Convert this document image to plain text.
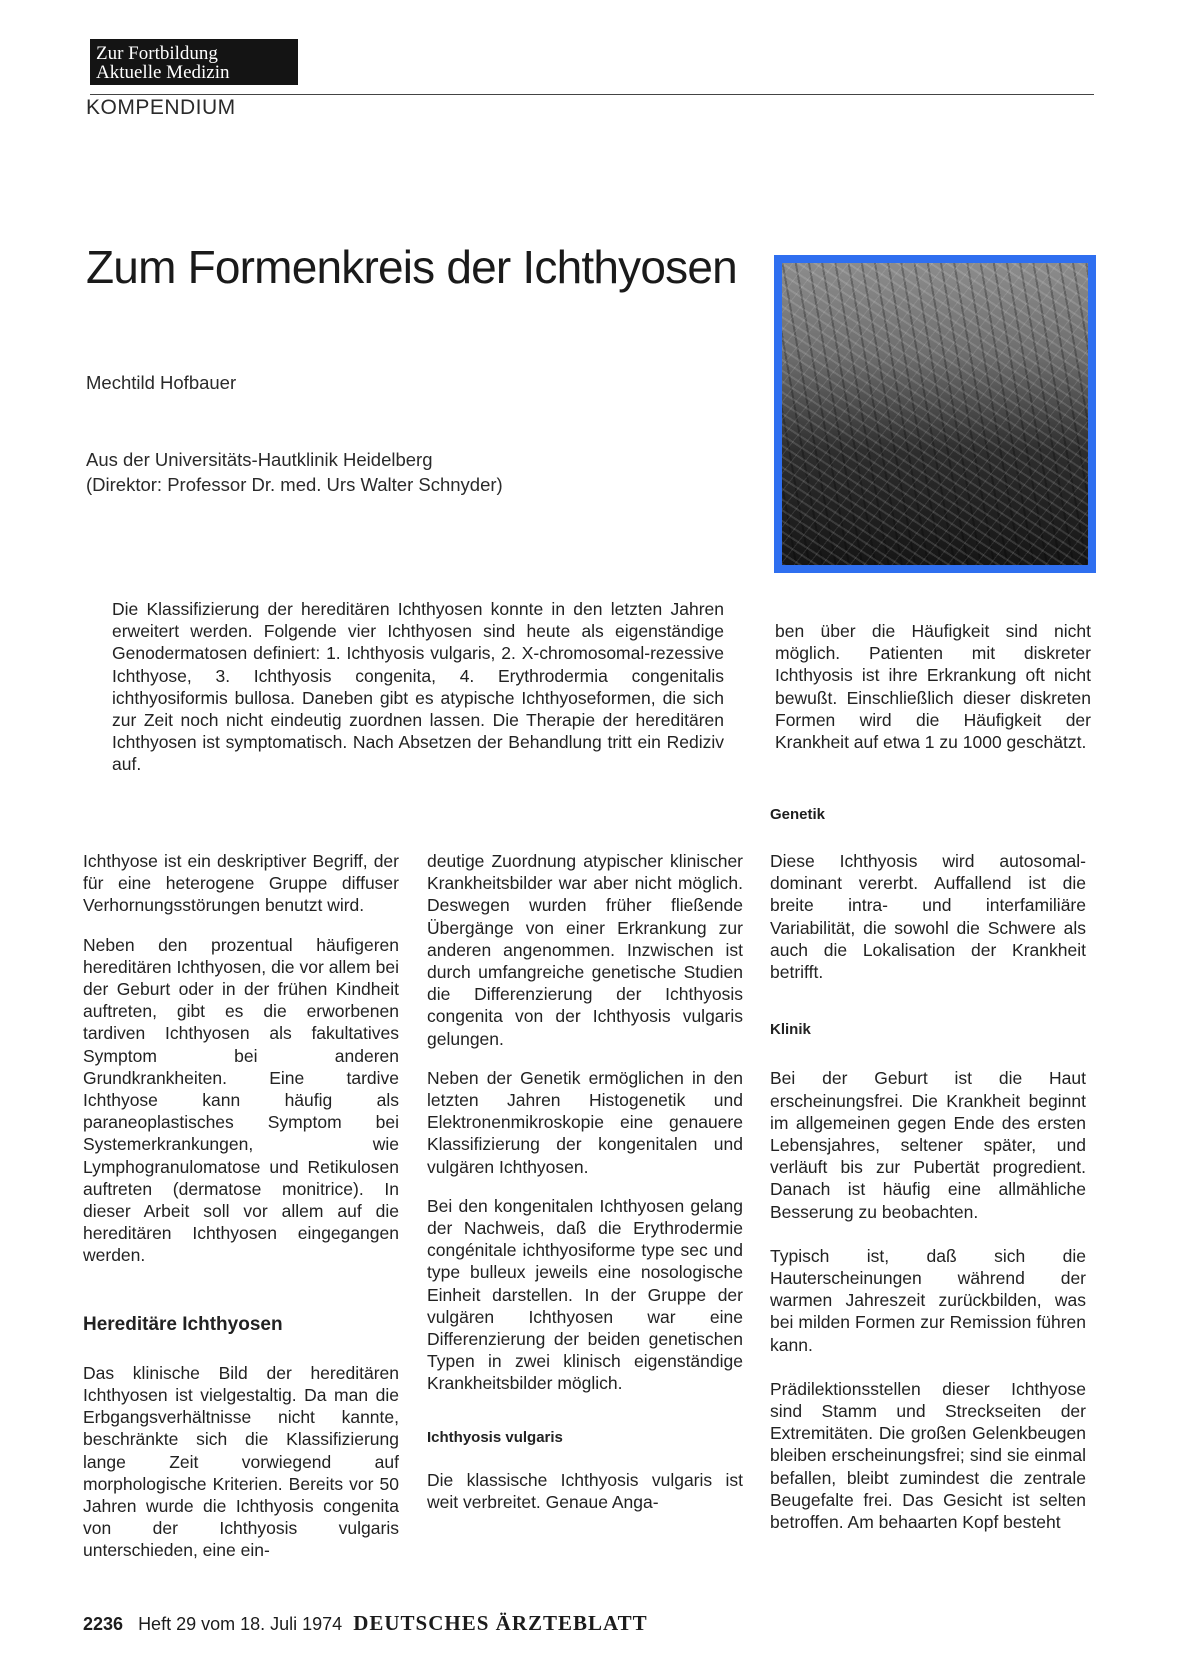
Zur Fortbildung
Aktuelle Medizin
KOMPENDIUM
Zum Formenkreis der Ichthyosen
Mechtild Hofbauer
Aus der Universitäts-Hautklinik Heidelberg
(Direktor: Professor Dr. med. Urs Walter Schnyder)
Die Klassifizierung der hereditären Ichthyosen konnte in den letzten Jahren erweitert werden. Folgende vier Ichthyosen sind heute als eigenständige Genodermatosen definiert: 1. Ichthyosis vulgaris, 2. X-chromosomal-rezessive Ichthyose, 3. Ichthyosis congenita, 4. Erythrodermia congenitalis ichthyosiformis bullosa. Daneben gibt es atypische Ichthyoseformen, die sich zur Zeit noch nicht eindeutig zuordnen lassen. Die Therapie der hereditären Ichthyosen ist symptomatisch. Nach Absetzen der Behandlung tritt ein Rediziv auf.
ben über die Häufigkeit sind nicht möglich. Patienten mit diskreter Ichthyosis ist ihre Erkrankung oft nicht bewußt. Einschließlich dieser diskreten Formen wird die Häufigkeit der Krankheit auf etwa 1 zu 1000 geschätzt.

Ichthyose ist ein deskriptiver Begriff, der für eine heterogene Gruppe diffuser Verhornungsstörungen benutzt wird.

Neben den prozentual häufigeren hereditären Ichthyosen, die vor allem bei der Geburt oder in der frühen Kindheit auftreten, gibt es die erworbenen tardiven Ichthyosen als fakultatives Symptom bei anderen Grundkrankheiten. Eine tardive Ichthyose kann häufig als paraneoplastisches Symptom bei Systemerkrankungen, wie Lymphogranulomatose und Retikulosen auftreten (dermatose monitrice). In dieser Arbeit soll vor allem auf die hereditären Ichthyosen eingegangen werden.

Hereditäre Ichthyosen

Das klinische Bild der hereditären Ichthyosen ist vielgestaltig. Da man die Erbgangsverhältnisse nicht kannte, beschränkte sich die Klassifizierung lange Zeit vorwiegend auf morphologische Kriterien. Bereits vor 50 Jahren wurde die Ichthyosis congenita von der Ichthyosis vulgaris unterschieden, eine ein-

deutige Zuordnung atypischer klinischer Krankheitsbilder war aber nicht möglich. Deswegen wurden früher fließende Übergänge von einer Erkrankung zur anderen angenommen. Inzwischen ist durch umfangreiche genetische Studien die Differenzierung der Ichthyosis congenita von der Ichthyosis vulgaris gelungen.

Neben der Genetik ermöglichen in den letzten Jahren Histogenetik und Elektronenmikroskopie eine genauere Klassifizierung der kongenitalen und vulgären Ichthyosen.

Bei den kongenitalen Ichthyosen gelang der Nachweis, daß die Erythrodermie congénitale ichthyosiforme type sec und type bulleux jeweils eine nosologische Einheit darstellen. In der Gruppe der vulgären Ichthyosen war eine Differenzierung der beiden genetischen Typen in zwei klinisch eigenständige Krankheitsbilder möglich.

Ichthyosis vulgaris

Die klassische Ichthyosis vulgaris ist weit verbreitet. Genaue Anga-

Genetik

Diese Ichthyosis wird autosomal-dominant vererbt. Auffallend ist die breite intra- und interfamiliäre Variabilität, die sowohl die Schwere als auch die Lokalisation der Krankheit betrifft.

Klinik

Bei der Geburt ist die Haut erscheinungsfrei. Die Krankheit beginnt im allgemeinen gegen Ende des ersten Lebensjahres, seltener später, und verläuft bis zur Pubertät progredient. Danach ist häufig eine allmähliche Besserung zu beobachten.

Typisch ist, daß sich die Hauterscheinungen während der warmen Jahreszeit zurückbilden, was bei milden Formen zur Remission führen kann.

Prädilektionsstellen dieser Ichthyose sind Stamm und Streckseiten der Extremitäten. Die großen Gelenkbeugen bleiben erscheinungsfrei; sind sie einmal befallen, bleibt zumindest die zentrale Beugefalte frei. Das Gesicht ist selten betroffen. Am behaarten Kopf besteht

2236 Heft 29 vom 18. Juli 1974 DEUTSCHES ÄRZTEBLATT
